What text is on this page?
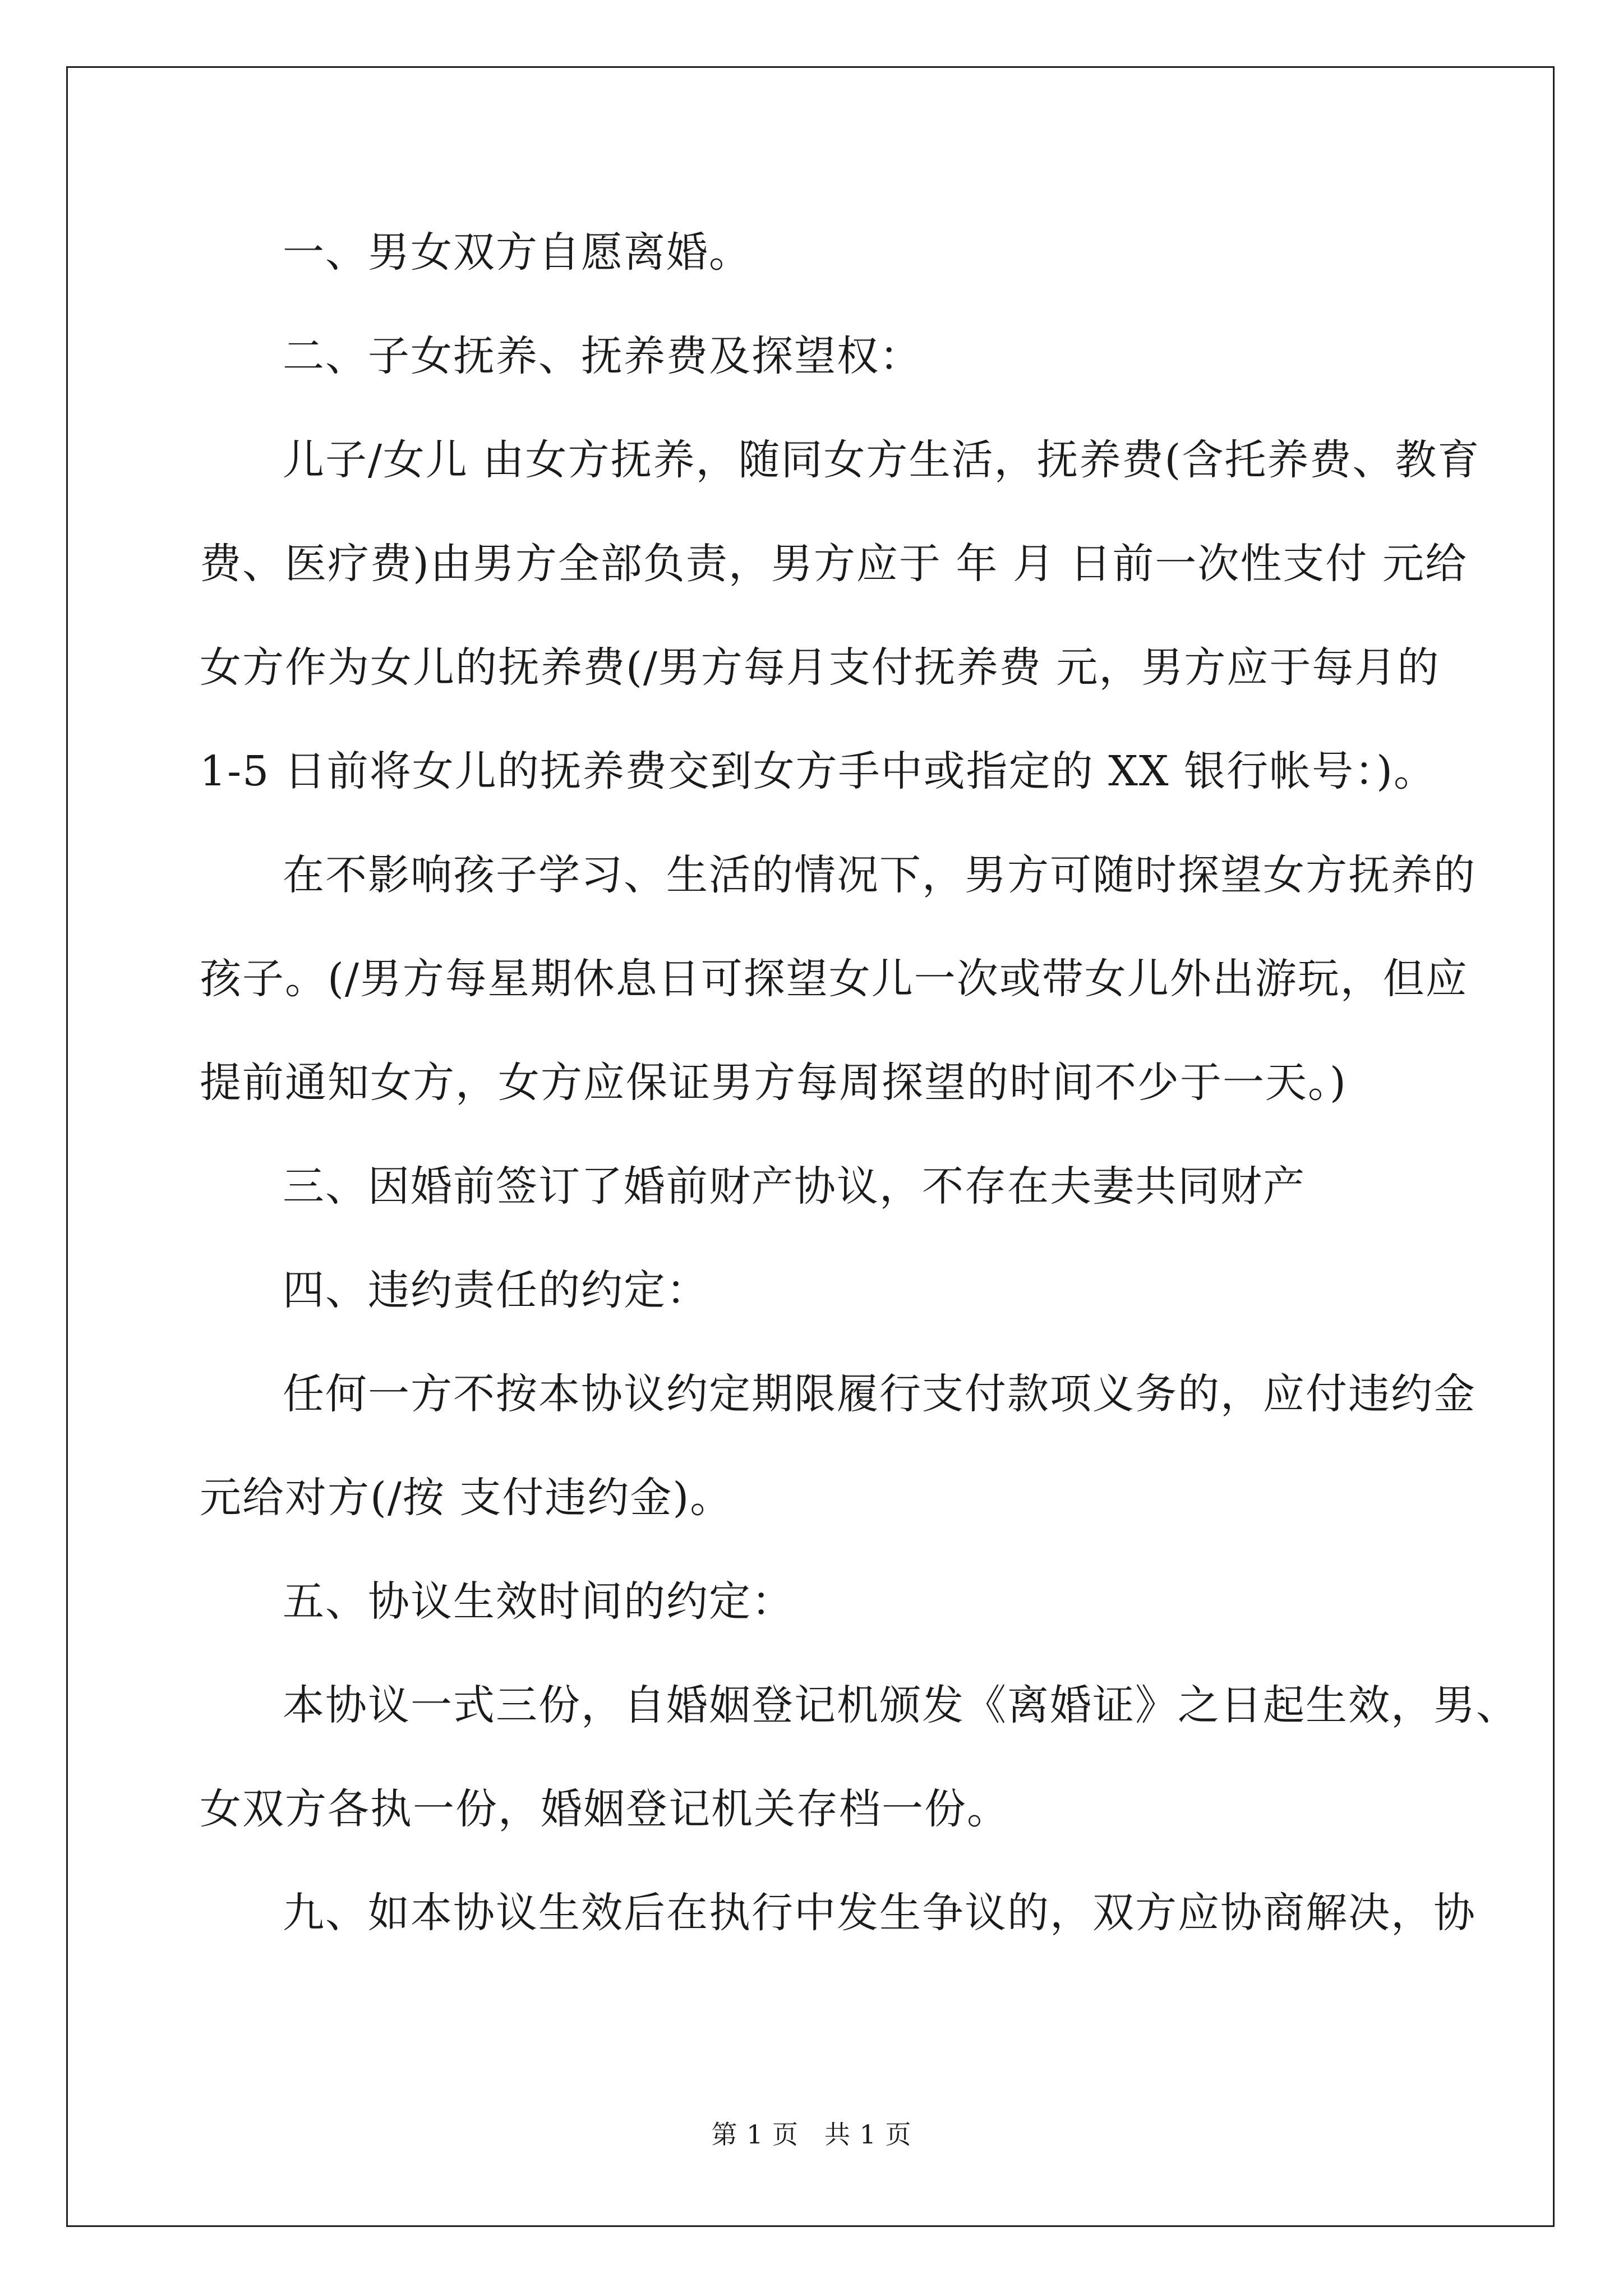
一、男女双方自愿离婚。
二、子女抚养、抚养费及探望权：
儿子/女儿 由女方抚养，随同女方生活，抚养费(含托养费、教育
费、医疗费)由男方全部负责，男方应于 年 月 日前一次性支付 元给
女方作为女儿的抚养费(/男方每月支付抚养费 元，男方应于每月的
1-5 日前将女儿的抚养费交到女方手中或指定的 XX 银行帐号：)。
在不影响孩子学习、生活的情况下，男方可随时探望女方抚养的
孩子。(/男方每星期休息日可探望女儿一次或带女儿外出游玩，但应
提前通知女方，女方应保证男方每周探望的时间不少于一天。)
三、因婚前签订了婚前财产协议，不存在夫妻共同财产
四、违约责任的约定：
任何一方不按本协议约定期限履行支付款项义务的，应付违约金
元给对方(/按 支付违约金)。
五、协议生效时间的约定：
本协议一式三份，自婚姻登记机颁发《离婚证》之日起生效，男、
女双方各执一份，婚姻登记机关存档一份。
九、如本协议生效后在执行中发生争议的，双方应协商解决，协
第 1 页 共 1 页
